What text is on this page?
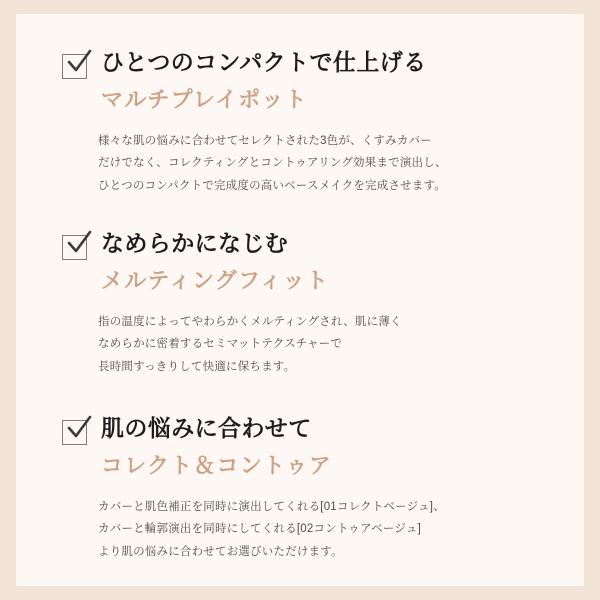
ひとつのコンパクトで仕上げる

マルチプレイポット

様々な肌の悩みに合わせてセレクトされた3色が、くすみカバー
だけでなく、コレクティングとコントゥアリング効果まで演出し、
ひとつのコンパクトで完成度の高いベースメイクを完成させます。

なめらかになじむ

メルティングフィット

指の温度によってやわらかくメルティングされ、肌に薄く
なめらかに密着するセミマットテクスチャーで
長時間すっきりして快適に保ちます。

肌の悩みに合わせて

コレクト＆コントゥア

カバーと肌色補正を同時に演出してくれる[01コレクトベージュ]、
カバーと輪郭演出を同時にしてくれる[02コントゥアベージュ]
より肌の悩みに合わせてお選びいただけます。
